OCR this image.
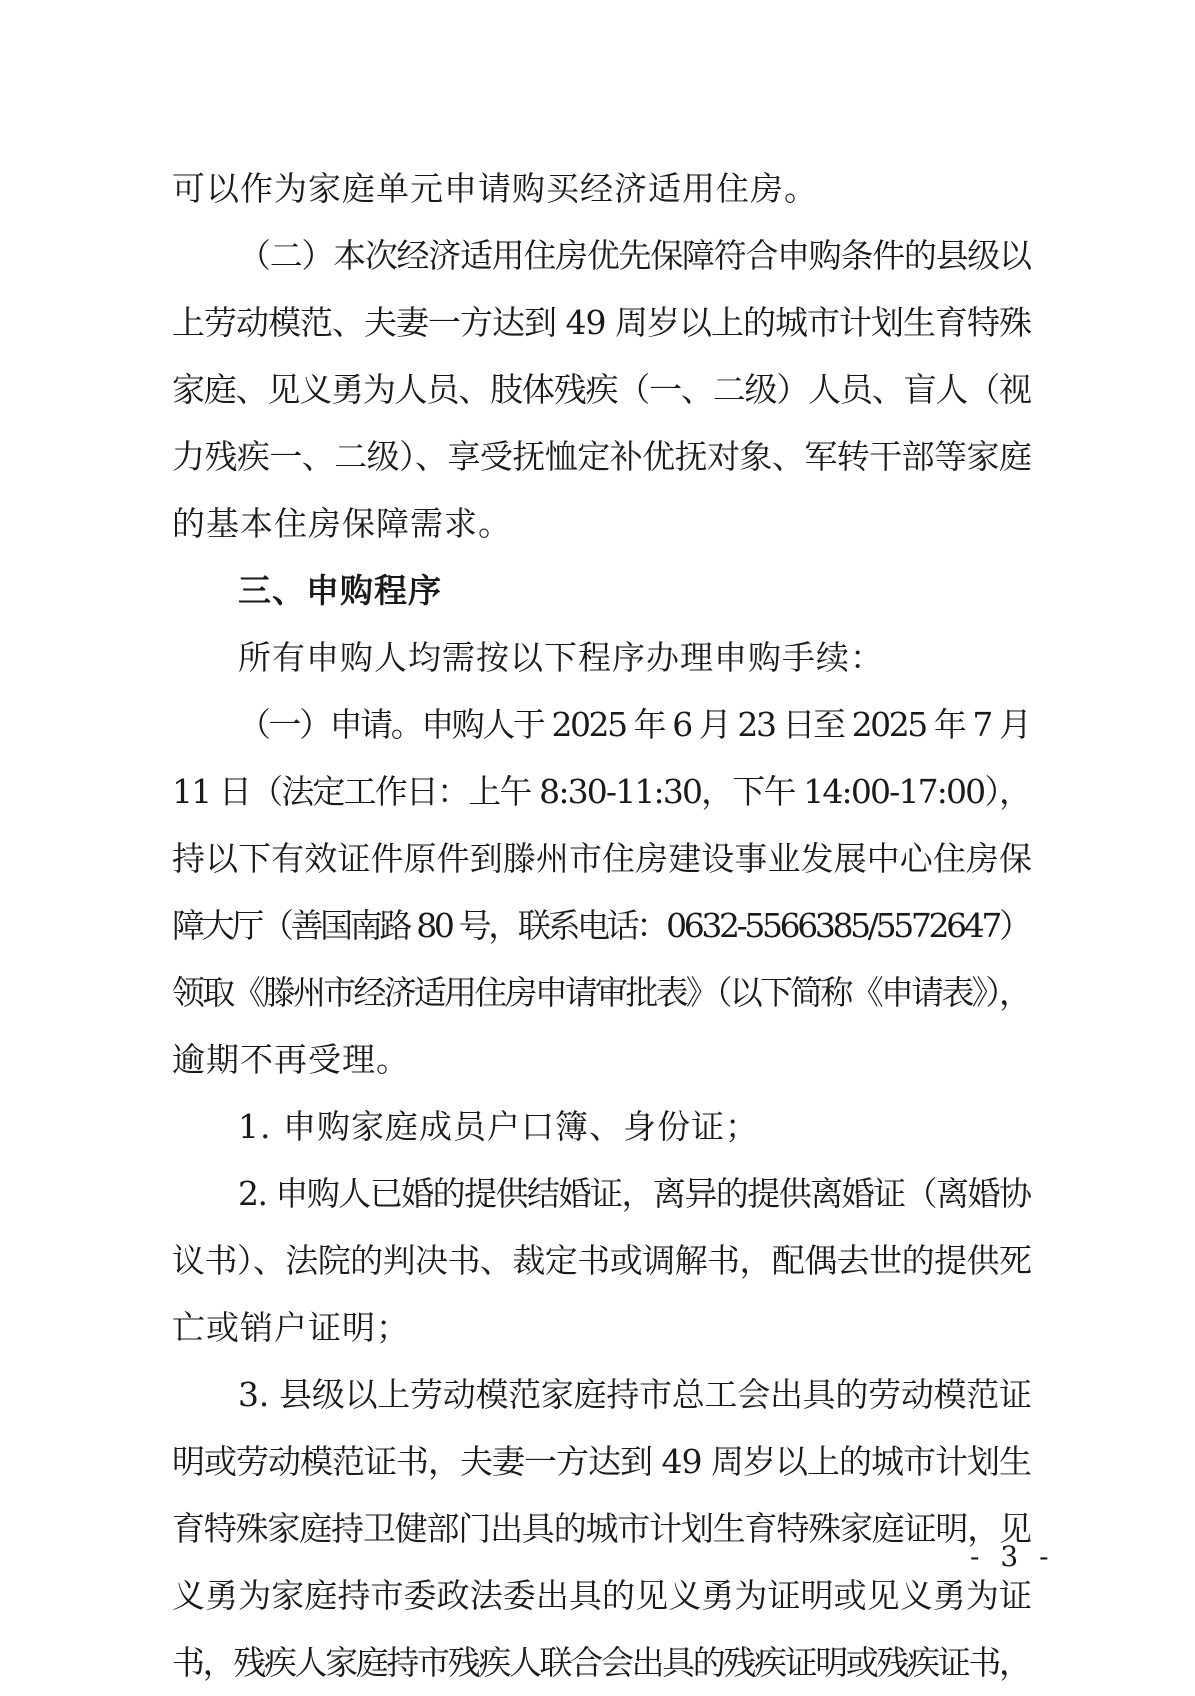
可以作为家庭单元申请购买经济适用住房。
（二）本次经济适用住房优先保障符合申购条件的县级以
上劳动模范、夫妻一方达到 49 周岁以上的城市计划生育特殊
家庭、见义勇为人员、肢体残疾（一、二级）人员、盲人（视
力残疾一、二级）、享受抚恤定补优抚对象、军转干部等家庭
的基本住房保障需求。
三、申购程序
所有申购人均需按以下程序办理申购手续：
（一）申请。申购人于 2025 年 6 月 23 日至 2025 年 7 月
11 日（法定工作日：上午 8:30-11:30，下午 14:00-17:00），
持以下有效证件原件到滕州市住房建设事业发展中心住房保
障大厅（善国南路 80 号，联系电话：0632-5566385/5572647）
领取《滕州市经济适用住房申请审批表》（以下简称《申请表》），
逾期不再受理。
1. 申购家庭成员户口簿、身份证；
2. 申购人已婚的提供结婚证，离异的提供离婚证（离婚协
议书）、法院的判决书、裁定书或调解书，配偶去世的提供死
亡或销户证明；
3. 县级以上劳动模范家庭持市总工会出具的劳动模范证
明或劳动模范证书，夫妻一方达到 49 周岁以上的城市计划生
育特殊家庭持卫健部门出具的城市计划生育特殊家庭证明，见
义勇为家庭持市委政法委出具的见义勇为证明或见义勇为证
书，残疾人家庭持市残疾人联合会出具的残疾证明或残疾证书，
- 3 -
